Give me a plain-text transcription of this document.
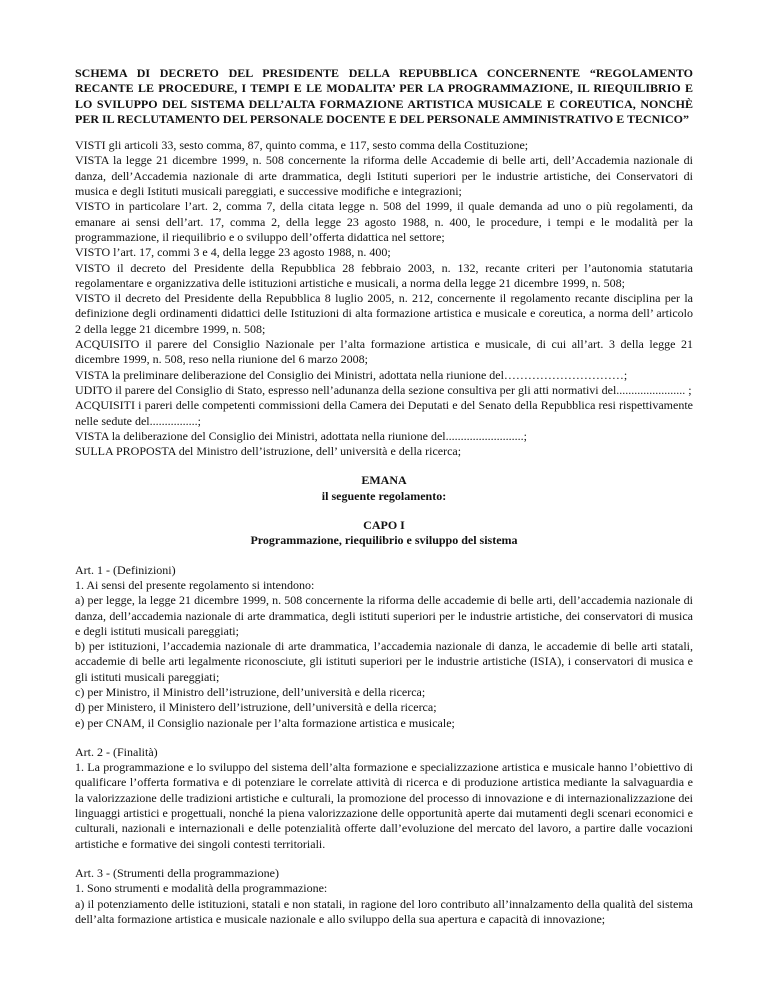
SCHEMA DI DECRETO DEL PRESIDENTE DELLA REPUBBLICA CONCERNENTE “REGOLAMENTO RECANTE LE PROCEDURE, I TEMPI E LE MODALITA’ PER LA PROGRAMMAZIONE, IL RIEQUILIBRIO E LO SVILUPPO DEL SISTEMA DELL’ALTA FORMAZIONE ARTISTICA MUSICALE E COREUTICA, NONCHÈ PER IL RECLUTAMENTO DEL PERSONALE DOCENTE E DEL PERSONALE AMMINISTRATIVO E TECNICO”

VISTI gli articoli 33, sesto comma, 87, quinto comma, e 117, sesto comma della Costituzione;

VISTA la legge 21 dicembre 1999, n. 508 concernente la riforma delle Accademie di belle arti, dell’Accademia nazionale di danza, dell’Accademia nazionale di arte drammatica, degli Istituti superiori per le industrie artistiche, dei Conservatori di musica e degli Istituti musicali pareggiati, e successive modifiche e integrazioni;

VISTO in particolare l’art. 2, comma 7, della citata legge n. 508 del 1999, il quale demanda ad uno o più regolamenti, da emanare ai sensi dell’art. 17, comma 2, della legge 23 agosto 1988, n. 400, le procedure, i tempi e le modalità per la programmazione, il riequilibrio e o sviluppo dell’offerta didattica nel settore;

VISTO l’art. 17, commi 3 e 4, della legge 23 agosto 1988, n. 400;

VISTO il decreto del Presidente della Repubblica 28 febbraio 2003, n. 132, recante criteri per l’autonomia statutaria regolamentare e organizzativa delle istituzioni artistiche e musicali, a norma della legge 21 dicembre 1999, n. 508;

VISTO il decreto del Presidente della Repubblica 8 luglio 2005, n. 212, concernente il regolamento recante disciplina per la definizione degli ordinamenti didattici delle Istituzioni di alta formazione artistica e musicale e coreutica, a norma dell’ articolo 2 della legge 21 dicembre 1999, n. 508;

ACQUISITO il parere del Consiglio Nazionale per l’alta formazione artistica e musicale, di cui all’art. 3 della legge 21 dicembre 1999, n. 508, reso nella riunione del 6 marzo 2008;

VISTA la preliminare deliberazione del Consiglio dei Ministri, adottata nella riunione del…………………………;

UDITO il parere del Consiglio di Stato, espresso nell’adunanza della sezione consultiva per gli atti normativi del....................... ;

ACQUISITI i pareri delle competenti commissioni della Camera dei Deputati e del Senato della Repubblica resi rispettivamente nelle sedute del................;

VISTA la deliberazione del Consiglio dei Ministri, adottata nella riunione del..........................;

SULLA PROPOSTA del Ministro dell’istruzione, dell’ università e della ricerca;

EMANA

il seguente regolamento:

CAPO I

Programmazione, riequilibrio e sviluppo del sistema

Art. 1 - (Definizioni)

1. Ai sensi del presente regolamento si intendono:

a) per legge, la legge 21 dicembre 1999, n. 508 concernente la riforma delle accademie di belle arti, dell’accademia nazionale di danza, dell’accademia nazionale di arte drammatica, degli istituti superiori per le industrie artistiche, dei conservatori di musica e degli istituti musicali pareggiati;

b) per istituzioni, l’accademia nazionale di arte drammatica, l’accademia nazionale di danza, le accademie di belle arti statali, accademie di belle arti legalmente riconosciute, gli istituti superiori per le industrie artistiche (ISIA), i conservatori di musica e gli istituti musicali pareggiati;

c) per Ministro, il Ministro dell’istruzione, dell’università e della ricerca;

d) per Ministero, il Ministero dell’istruzione, dell’università e della ricerca;

e) per CNAM, il Consiglio nazionale per l’alta formazione artistica e musicale;

Art. 2 - (Finalità)

1. La programmazione e lo sviluppo del sistema dell’alta formazione e specializzazione artistica e musicale hanno l’obiettivo di qualificare l’offerta formativa e di potenziare le correlate attività di ricerca e di produzione artistica mediante la salvaguardia e la valorizzazione delle tradizioni artistiche e culturali, la promozione del processo di innovazione e di internazionalizzazione dei linguaggi artistici e progettuali, nonché la piena valorizzazione delle opportunità aperte dai mutamenti degli scenari economici e culturali, nazionali e internazionali e delle potenzialità offerte dall’evoluzione del mercato del lavoro, a partire dalle vocazioni artistiche e formative dei singoli contesti territoriali.

Art. 3 - (Strumenti della programmazione)

1. Sono strumenti e modalità della programmazione:

a) il potenziamento delle istituzioni, statali e non statali, in ragione del loro contributo all’innalzamento della qualità del sistema dell’alta formazione artistica e musicale nazionale e allo sviluppo della sua apertura e capacità di innovazione;
